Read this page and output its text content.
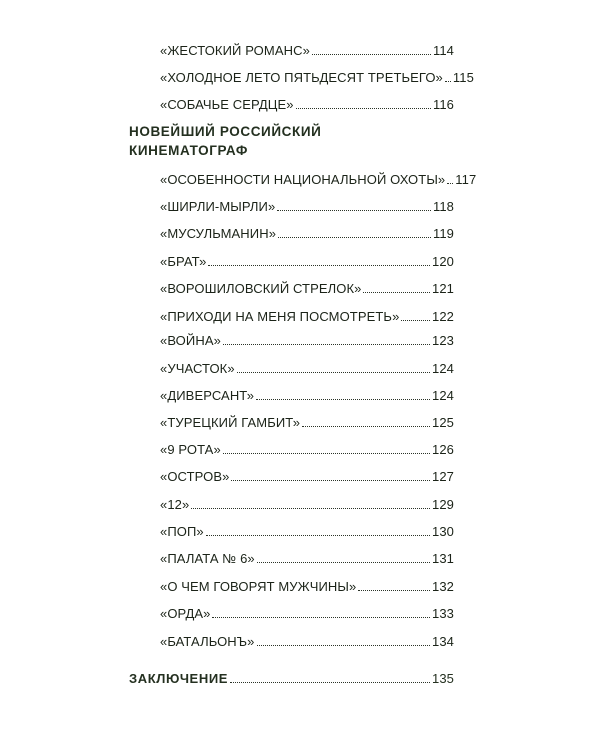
«ЖЕСТОКИЙ РОМАНС»	114
«ХОЛОДНОЕ ЛЕТО ПЯТЬДЕСЯТ ТРЕТЬЕГО» 115
«СОБАЧЬЕ СЕРДЦЕ»	116
НОВЕЙШИЙ РОССИЙСКИЙ
КИНЕМАТОГРАФ
«ОСОБЕННОСТИ НАЦИОНАЛЬНОЙ ОХОТЫ» 117
«ШИРЛИ-МЫРЛИ»	118
«МУСУЛЬМАНИН»	119
«БРАТ»	120
«ВОРОШИЛОВСКИЙ СТРЕЛОК»	121
«ПРИХОДИ НА МЕНЯ ПОСМОТРЕТЬ»	122
«ВОЙНА»	123
«УЧАСТОК»	124
«ДИВЕРСАНТ»	124
«ТУРЕЦКИЙ ГАМБИТ»	125
«9 РОТА»	126
«ОСТРОВ»	127
«12»	129
«ПОП»	130
«ПАЛАТА № 6»	131
«О ЧЕМ ГОВОРЯТ МУЖЧИНЫ»	132
«ОРДА»	133
«БАТАЛЬОНЪ»	134
ЗАКЛЮЧЕНИЕ	135
